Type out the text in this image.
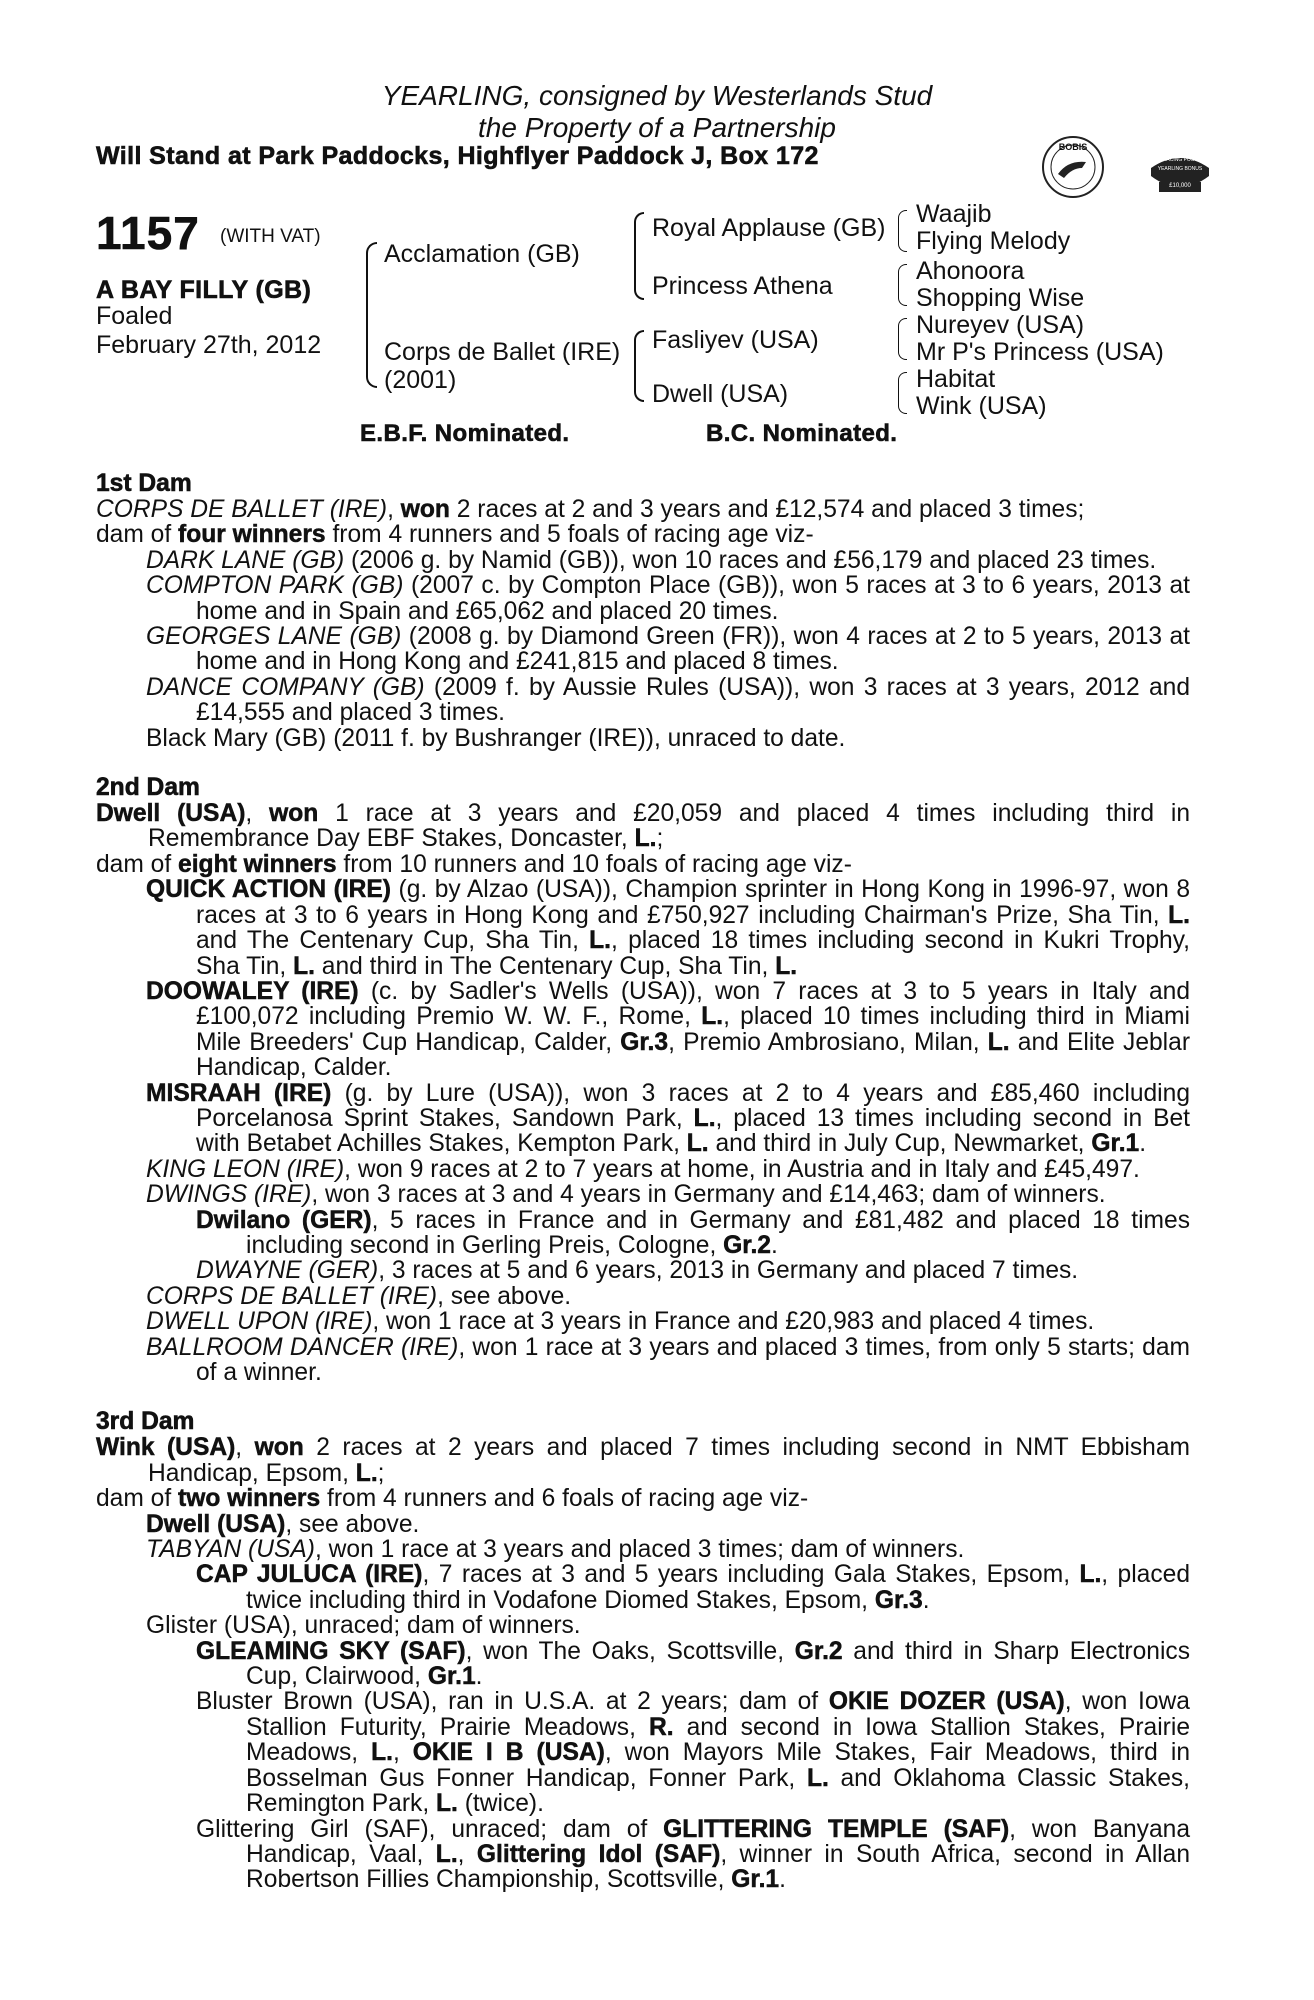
YEARLING, consigned by Westerlands Stud
the Property of a Partnership
Will Stand at Park Paddocks, Highflyer Paddock J, Box 172	BOBIS
RACING POST
YEARLING BONUS
£10,000
1157 (WITH VAT)
A BAY FILLY (GB)
Foaled
February 27th, 2012
Acclamation (GB)
Corps de Ballet (IRE)
(2001)
Royal Applause (GB)
Princess Athena
Fasliyev (USA)
Dwell (USA)
Waajib
Flying Melody
Ahonoora
Shopping Wise
Nureyev (USA)
Mr P's Princess (USA)
Habitat
Wink (USA)
E.B.F. Nominated.	B.C. Nominated.
1st Dam
CORPS DE BALLET (IRE), won 2 races at 2 and 3 years and £12,574 and placed 3 times;
dam of four winners from 4 runners and 5 foals of racing age viz-
DARK LANE (GB) (2006 g. by Namid (GB)), won 10 races and £56,179 and placed 23 times.
COMPTON PARK (GB) (2007 c. by Compton Place (GB)), won 5 races at 3 to 6 years, 2013 at home and in Spain and £65,062 and placed 20 times.
GEORGES LANE (GB) (2008 g. by Diamond Green (FR)), won 4 races at 2 to 5 years, 2013 at home and in Hong Kong and £241,815 and placed 8 times.
DANCE COMPANY (GB) (2009 f. by Aussie Rules (USA)), won 3 races at 3 years, 2012 and £14,555 and placed 3 times.
Black Mary (GB) (2011 f. by Bushranger (IRE)), unraced to date.
2nd Dam
Dwell (USA), won 1 race at 3 years and £20,059 and placed 4 times including third in Remembrance Day EBF Stakes, Doncaster, L.;
dam of eight winners from 10 runners and 10 foals of racing age viz-
QUICK ACTION (IRE) (g. by Alzao (USA)), Champion sprinter in Hong Kong in 1996-97, won 8 races at 3 to 6 years in Hong Kong and £750,927 including Chairman's Prize, Sha Tin, L. and The Centenary Cup, Sha Tin, L., placed 18 times including second in Kukri Trophy, Sha Tin, L. and third in The Centenary Cup, Sha Tin, L.
DOOWALEY (IRE) (c. by Sadler's Wells (USA)), won 7 races at 3 to 5 years in Italy and £100,072 including Premio W. W. F., Rome, L., placed 10 times including third in Miami Mile Breeders' Cup Handicap, Calder, Gr.3, Premio Ambrosiano, Milan, L. and Elite Jeblar Handicap, Calder.
MISRAAH (IRE) (g. by Lure (USA)), won 3 races at 2 to 4 years and £85,460 including Porcelanosa Sprint Stakes, Sandown Park, L., placed 13 times including second in Bet with Betabet Achilles Stakes, Kempton Park, L. and third in July Cup, Newmarket, Gr.1.
KING LEON (IRE), won 9 races at 2 to 7 years at home, in Austria and in Italy and £45,497.
DWINGS (IRE), won 3 races at 3 and 4 years in Germany and £14,463; dam of winners.
Dwilano (GER), 5 races in France and in Germany and £81,482 and placed 18 times including second in Gerling Preis, Cologne, Gr.2.
DWAYNE (GER), 3 races at 5 and 6 years, 2013 in Germany and placed 7 times.
CORPS DE BALLET (IRE), see above.
DWELL UPON (IRE), won 1 race at 3 years in France and £20,983 and placed 4 times.
BALLROOM DANCER (IRE), won 1 race at 3 years and placed 3 times, from only 5 starts; dam of a winner.
3rd Dam
Wink (USA), won 2 races at 2 years and placed 7 times including second in NMT Ebbisham Handicap, Epsom, L.;
dam of two winners from 4 runners and 6 foals of racing age viz-
Dwell (USA), see above.
TABYAN (USA), won 1 race at 3 years and placed 3 times; dam of winners.
CAP JULUCA (IRE), 7 races at 3 and 5 years including Gala Stakes, Epsom, L., placed twice including third in Vodafone Diomed Stakes, Epsom, Gr.3.
Glister (USA), unraced; dam of winners.
GLEAMING SKY (SAF), won The Oaks, Scottsville, Gr.2 and third in Sharp Electronics Cup, Clairwood, Gr.1.
Bluster Brown (USA), ran in U.S.A. at 2 years; dam of OKIE DOZER (USA), won Iowa Stallion Futurity, Prairie Meadows, R. and second in Iowa Stallion Stakes, Prairie Meadows, L., OKIE I B (USA), won Mayors Mile Stakes, Fair Meadows, third in Bosselman Gus Fonner Handicap, Fonner Park, L. and Oklahoma Classic Stakes, Remington Park, L. (twice).
Glittering Girl (SAF), unraced; dam of GLITTERING TEMPLE (SAF), won Banyana Handicap, Vaal, L., Glittering Idol (SAF), winner in South Africa, second in Allan Robertson Fillies Championship, Scottsville, Gr.1.
